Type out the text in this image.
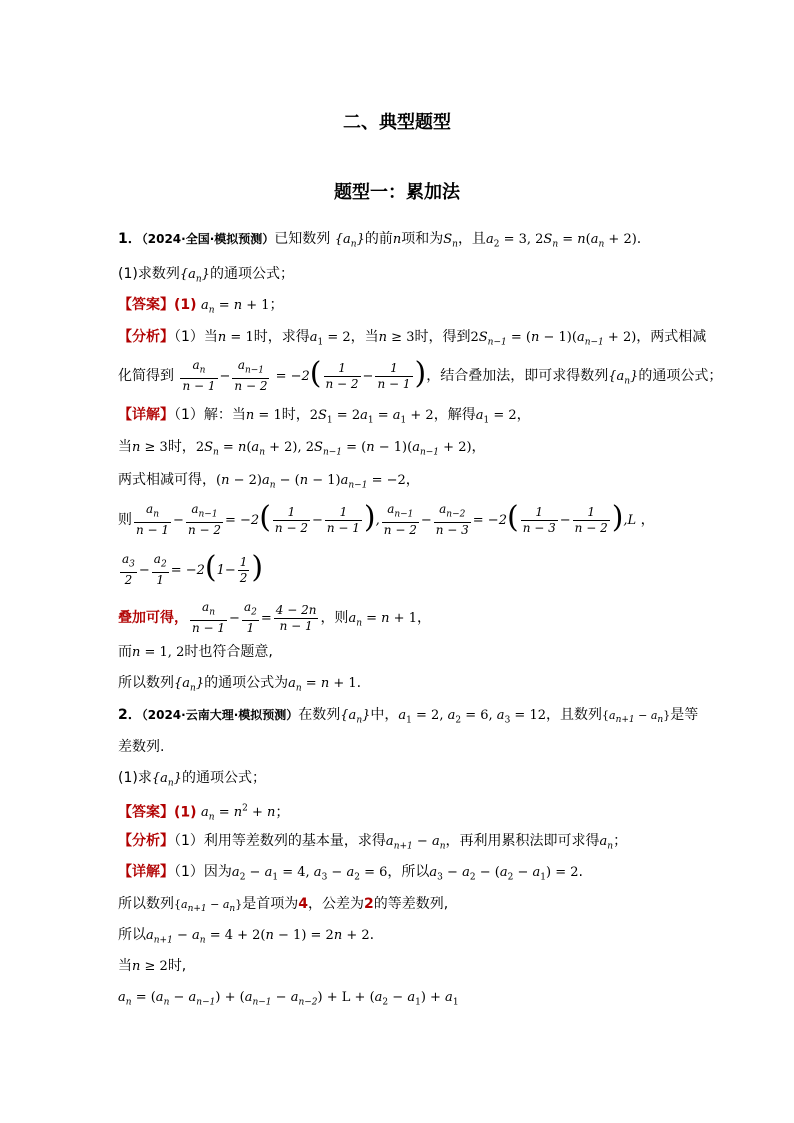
二、典型题型
题型一：累加法
1．（2024·全国·模拟预测）已知数列 $\{a_n\}$的前n项和为$S_n$，且$a_2 = 3$, $2S_n = n(a_n + 2)$.
(1)求数列$\{a_n\}$的通项公式；
【答案】(1) $a_n = n + 1$；
【分析】（1）当n = 1时，求得$a_1 = 2$，当n ≥ 3时，得到$2S_{n-1} = (n - 1)(a_{n-1} + 2)$，两式相减
化简得到 $\frac{a_n}{n - 1} - \frac{a_{n-1}}{n - 2} = -2( \frac{1}{n - 2} - \frac{1}{n - 1}$ )，结合叠加法，即可求得数列$\{a_n\}$的通项公式；
【详解】（1）解：当n = 1时，$2S_1 = 2a_1 = a_1 + 2$，解得$a_1 = 2$，
当n ≥ 3时，$2S_n = n(a_n + 2)$, $2S_{n-1} = (n - 1)(a_{n-1} + 2)$，
两式相减可得，$(n - 2)a_n - (n - 1)a_{n-1} = -2$，
则 $\frac{a_n}{n - 1} - \frac{a_{n-1}}{n - 2} = -2( \frac{1}{n - 2} - \frac{1}{n - 1}$ ), $\frac{a_{n-1}}{n - 2} - \frac{a_{n-2}}{n - 3} = -2( \frac{1}{n - 3} - \frac{1}{n - 2} ),L$ ，
$\frac{a_3}{2} - \frac{a_2}{1} = -2(1- \frac{1}{2}$ )
叠加可得， $\frac{a_n}{n - 1} - \frac{a_2}{1} = \frac{4 - 2n}{n - 1}$ ，则$a_n = n + 1$，
而n = 1, 2时也符合题意,
所以数列$\{a_n\}$的通项公式为$a_n = n + 1$.
2．（2024·云南大理·模拟预测）在数列$\{a_n\}$中，$a_1 = 2$, $a_2 = 6$, $a_3 = 12$，且数列$\{a_{n+1} - a_n\}$是等
差数列.
(1)求$\{a_n\}$的通项公式；
【答案】(1) $a_n = n^2 + n$；
【分析】（1）利用等差数列的基本量，求得$a_{n+1} - a_n$，再利用累积法即可求得$a_n$；
【详解】（1）因为$a_2 - a_1 = 4$, $a_3 - a_2 = 6$，所以$a_3 - a_2 - (a_2 - a_1) = 2$.
所以数列$\{a_{n+1} - a_n\}$是首项为4，公差为2的等差数列,
所以$a_{n+1} - a_n = 4 + 2(n - 1) = 2n + 2$.
当n ≥ 2时,
$a_n = (a_n - a_{n-1}) + (a_{n-1} - a_{n-2}) + L + (a_2 - a_1) + a_1$
